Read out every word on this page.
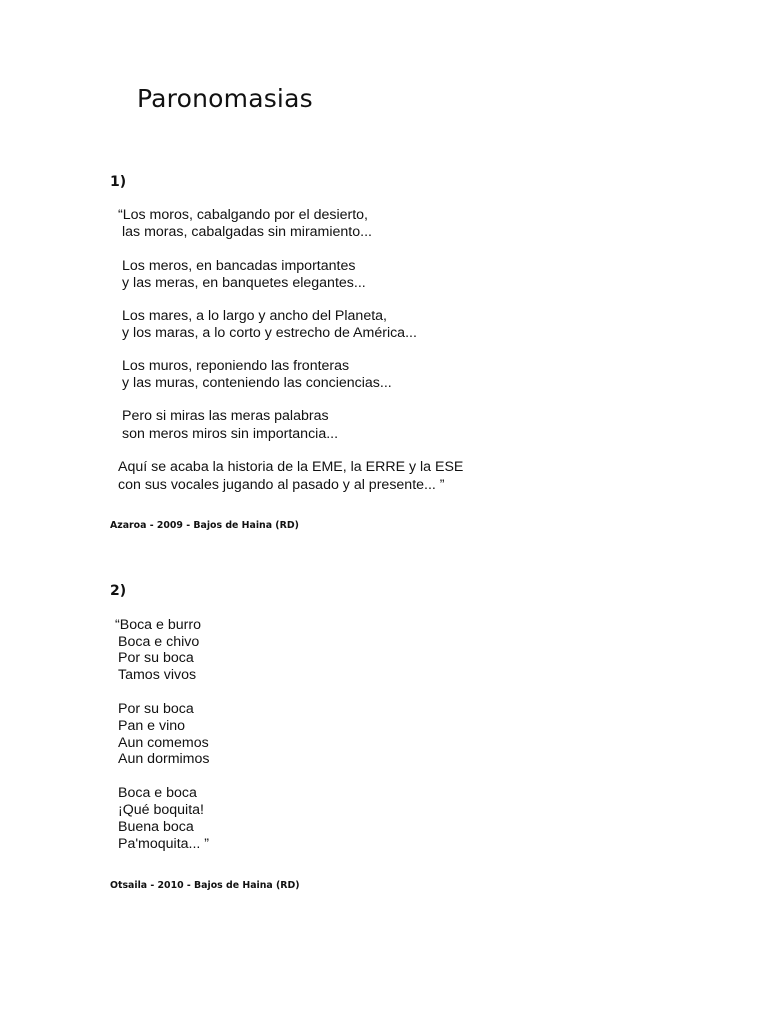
Paronomasias
1)
“Los moros, cabalgando por el desierto,
las moras, cabalgadas sin miramiento...
Los meros, en bancadas importantes
y las meras, en banquetes elegantes...
Los mares, a lo largo y ancho del Planeta,
y los maras, a lo corto y estrecho de América...
Los muros, reponiendo las fronteras
y las muras, conteniendo las conciencias...
Pero si miras las meras palabras
son meros miros sin importancia...
Aquí se acaba la historia de la EME, la ERRE y la ESE
con sus vocales jugando al pasado y al presente... ”
Azaroa - 2009 - Bajos de Haina (RD)
2)
“Boca e burro
Boca e chivo
Por su boca
Tamos vivos
Por su boca
Pan e vino
Aun comemos
Aun dormimos
Boca e boca
¡Qué boquita!
Buena boca
Pa'moquita... ”
Otsaila - 2010 - Bajos de Haina (RD)
